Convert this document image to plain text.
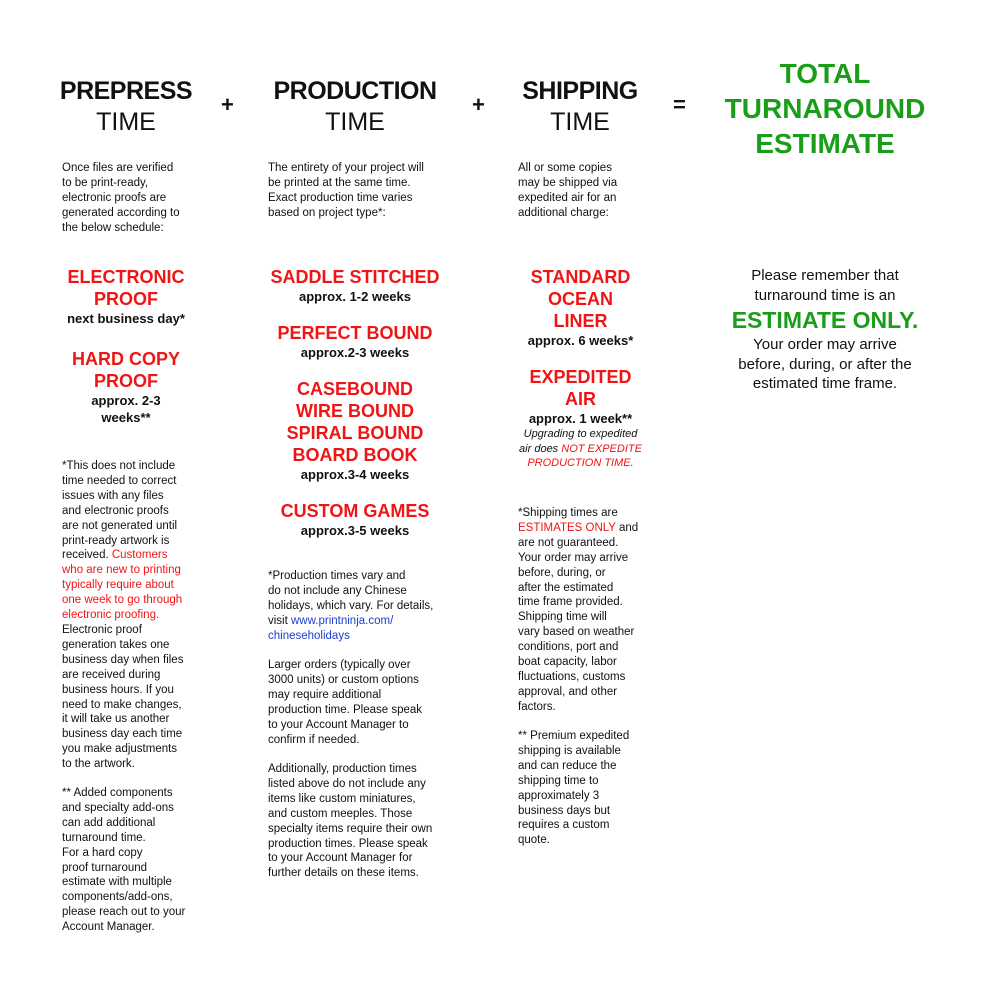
PREPRESS
TIME
+	PRODUCTION
TIME
+	SHIPPING
TIME
=
TOTAL
TURNAROUND
ESTIMATE
Once files are verified
to be print-ready,
electronic proofs are
generated according to
the below schedule:
ELECTRONIC
PROOF
next business day*
HARD COPY
PROOF
approx. 2-3
weeks**
*This does not include
time needed to correct
issues with any files
and electronic proofs
are not generated until
print-ready artwork is
received. Customers
who are new to printing
typically require about
one week to go through
electronic proofing.
Electronic proof
generation takes one
business day when files
are received during
business hours. If you
need to make changes,
it will take us another
business day each time
you make adjustments
to the artwork.
** Added components
and specialty add-ons
can add additional
turnaround time.
For a hard copy
proof turnaround
estimate with multiple
components/add-ons,
please reach out to your
Account Manager.
The entirety of your project will
be printed at the same time.
Exact production time varies
based on project type*:
SADDLE STITCHED
approx. 1-2 weeks
PERFECT BOUND
approx.2-3 weeks
CASEBOUND
WIRE BOUND
SPIRAL BOUND
BOARD BOOK
approx.3-4 weeks
CUSTOM GAMES
approx.3-5 weeks
*Production times vary and
do not include any Chinese
holidays, which vary. For details,
visit www.printninja.com/
chineseholidays
Larger orders (typically over
3000 units) or custom options
may require additional
production time. Please speak
to your Account Manager to
confirm if needed.
Additionally, production times
listed above do not include any
items like custom miniatures,
and custom meeples. Those
specialty items require their own
production times. Please speak
to your Account Manager for
further details on these items.
All or some copies
may be shipped via
expedited air for an
additional charge:
STANDARD
OCEAN
LINER
approx. 6 weeks*
EXPEDITED
AIR
approx. 1 week**
Upgrading to expedited
air does NOT EXPEDITE
PRODUCTION TIME.
*Shipping times are
ESTIMATES ONLY and
are not guaranteed.
Your order may arrive
before, during, or
after the estimated
time frame provided.
Shipping time will
vary based on weather
conditions, port and
boat capacity, labor
fluctuations, customs
approval, and other
factors.
** Premium expedited
shipping is available
and can reduce the
shipping time to
approximately 3
business days but
requires a custom
quote.
Please remember that
turnaround time is an
ESTIMATE ONLY.
Your order may arrive
before, during, or after the
estimated time frame.
